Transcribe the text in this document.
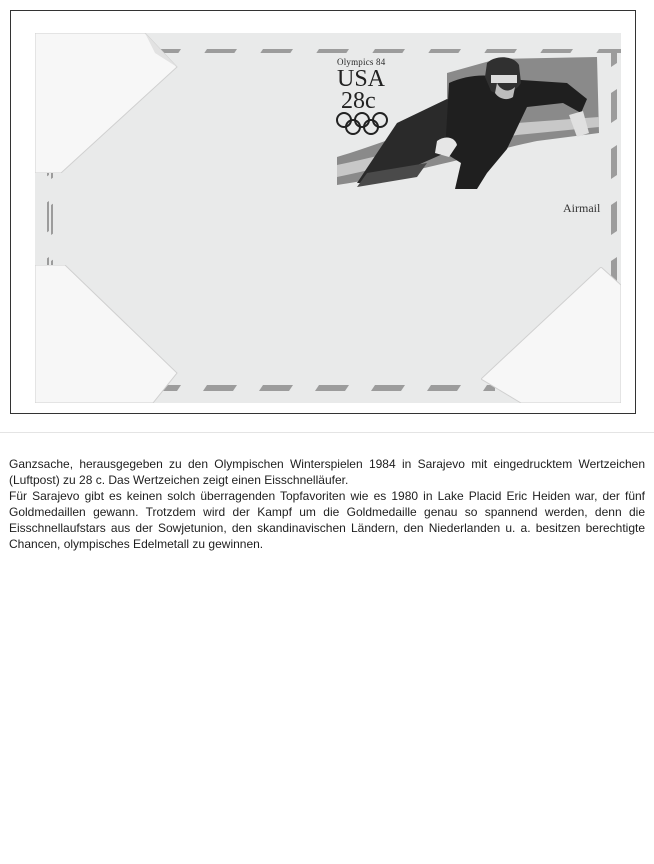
Olympics 84
USA
28c
Airmail

Ganzsache, herausgegeben zu den Olympischen Winterspielen 1984 in Sarajevo mit eingedrucktem Wertzeichen (Luftpost) zu 28 c. Das Wertzeichen zeigt einen Eisschnelläufer.

Für Sarajevo gibt es keinen solch überragenden Topfavoriten wie es 1980 in Lake Placid Eric Heiden war, der fünf Goldmedaillen gewann. Trotzdem wird der Kampf um die Goldmedaille genau so spannend werden, denn die Eisschnellaufstars aus der Sowjetunion, den skandinavischen Ländern, den Niederlanden u. a. besitzen berechtigte Chancen, olympisches Edelmetall zu gewinnen.
